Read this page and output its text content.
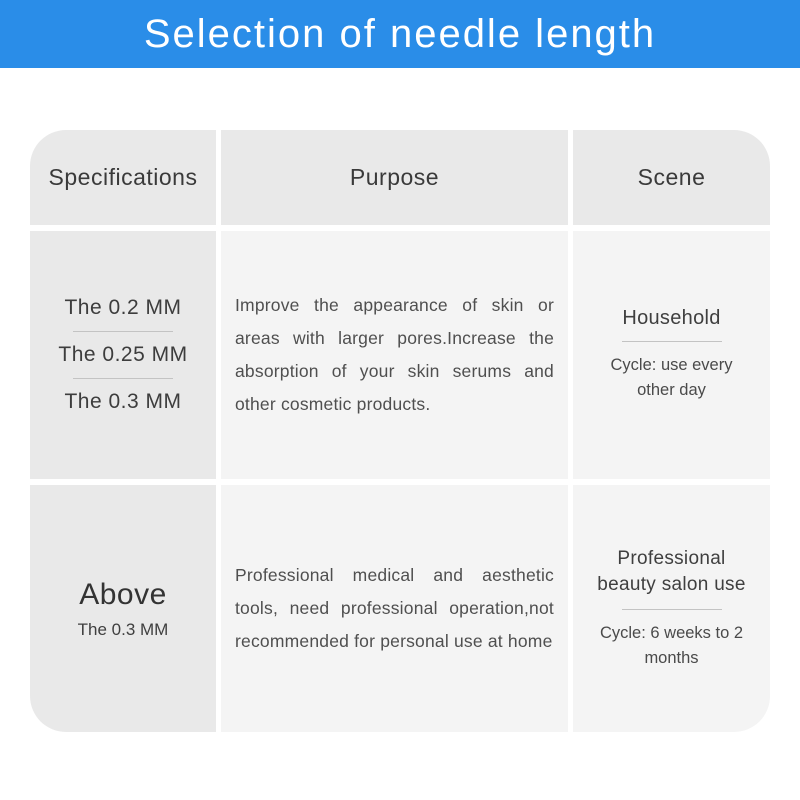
Selection of needle length
Specifications	Purpose	Scene
The 0.2 MM
The 0.25 MM
The 0.3 MM

Improve the appearance of skin or areas with larger pores.Increase the absorption of your skin serums and other cosmetic products.

Household
Cycle: use every other day
Above
The 0.3 MM

Professional medical and aesthetic tools, need professional operation,not recommended for personal use at home

Professional beauty salon use
Cycle: 6 weeks to 2 months
